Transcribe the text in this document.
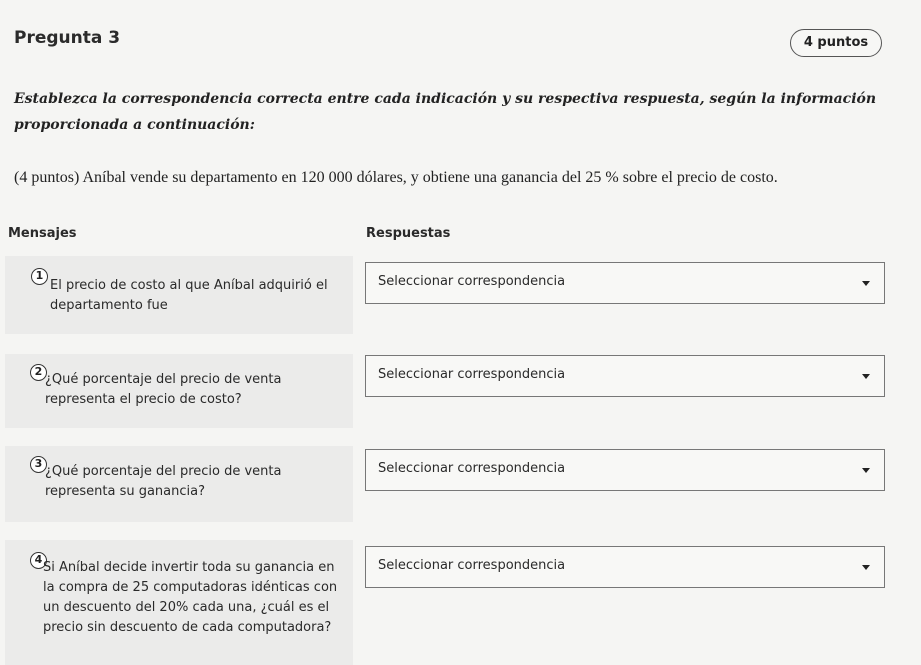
Pregunta 3	4 puntos
Establezca la correspondencia correcta entre cada indicación y su respectiva respuesta, según la información proporcionada a continuación:
(4 puntos) Aníbal vende su departamento en 120 000 dólares, y obtiene una ganancia del 25 % sobre el precio de costo.
Mensajes	Respuestas
1
El precio de costo al que Aníbal adquirió el departamento fue
Seleccionar correspondencia
2
¿Qué porcentaje del precio de venta representa el precio de costo?
Seleccionar correspondencia
3
¿Qué porcentaje del precio de venta representa su ganancia?
Seleccionar correspondencia
4
Si Aníbal decide invertir toda su ganancia en la compra de 25 computadoras idénticas con un descuento del 20% cada una, ¿cuál es el precio sin descuento de cada computadora?
Seleccionar correspondencia
